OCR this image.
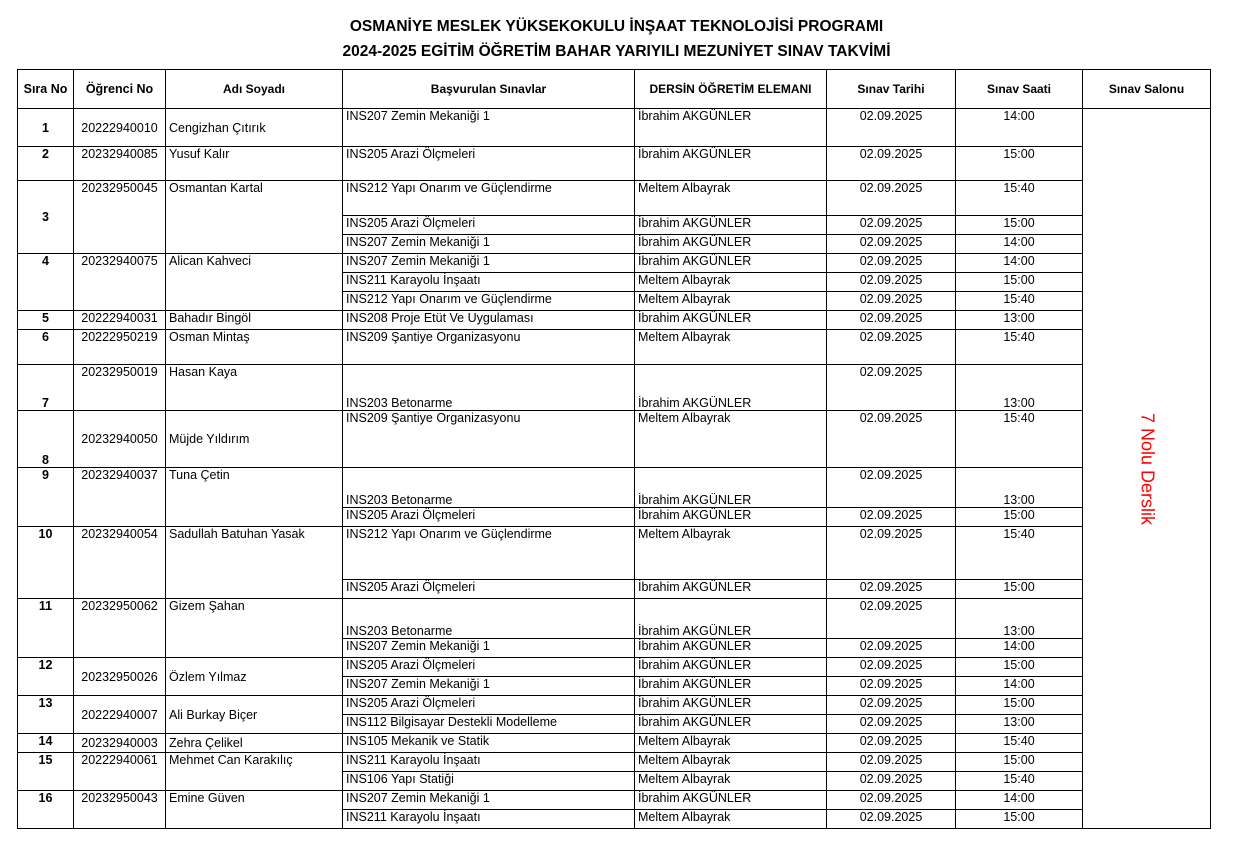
OSMANİYE MESLEK YÜKSEKOKULU İNŞAAT TEKNOLOJİSİ PROGRAMI
2024-2025 EGİTİM ÖĞRETİM BAHAR YARIYILI MEZUNİYET SINAV TAKVİMİ
Sıra No	Öğrenci No	Adı Soyadı	Başvurulan Sınavlar	DERSİN ÖĞRETİM ELEMANI	Sınav Tarihi	Sınav Saati	Sınav Salonu
1	20222940010	Cengizhan Çıtırık	INS207 Zemin Mekaniği 1	İbrahim AKGÜNLER	02.09.2025	14:00	7 Nolu Derslik

2	20232940085	Yusuf Kalır	INS205 Arazi Ölçmeleri	İbrahim AKGÜNLER	02.09.2025	15:00	
3	20232950045	Osmantan Kartal	INS212 Yapı Onarım ve Güçlendirme	Meltem Albayrak	02.09.2025	15:40	
			INS205 Arazi Ölçmeleri	İbrahim AKGÜNLER	02.09.2025	15:00	
			INS207 Zemin Mekaniği 1	İbrahim AKGÜNLER	02.09.2025	14:00	
4	20232940075	Alican Kahveci	INS207 Zemin Mekaniği 1	İbrahim AKGÜNLER	02.09.2025	14:00	
			INS211 Karayolu İnşaatı	Meltem Albayrak	02.09.2025	15:00	
			INS212 Yapı Onarım ve Güçlendirme	Meltem Albayrak	02.09.2025	15:40	
5	20222940031	Bahadır Bingöl	INS208 Proje Etüt Ve Uygulaması	İbrahim AKGÜNLER	02.09.2025	13:00	
6	20222950219	Osman Mintaş	INS209 Şantiye Organizasyonu	Meltem Albayrak	02.09.2025	15:40	
7	20232950019	Hasan Kaya	INS203 Betonarme	İbrahim AKGÜNLER	02.09.2025	13:00	
8	20232940050	Müjde Yıldırım	INS209 Şantiye Organizasyonu	Meltem Albayrak	02.09.2025	15:40	
9	20232940037	Tuna Çetin	INS203 Betonarme	İbrahim AKGÜNLER	02.09.2025	13:00	
			INS205 Arazi Ölçmeleri	İbrahim AKGÜNLER	02.09.2025	15:00	
10	20232940054	Sadullah Batuhan Yasak	INS212 Yapı Onarım ve Güçlendirme	Meltem Albayrak	02.09.2025	15:40	
			INS205 Arazi Ölçmeleri	İbrahim AKGÜNLER	02.09.2025	15:00	
11	20232950062	Gizem Şahan	INS203 Betonarme	İbrahim AKGÜNLER	02.09.2025	13:00	
			INS207 Zemin Mekaniği 1	İbrahim AKGÜNLER	02.09.2025	14:00	
12	20232950026	Özlem Yılmaz	INS205 Arazi Ölçmeleri	İbrahim AKGÜNLER	02.09.2025	15:00	
			INS207 Zemin Mekaniği 1	İbrahim AKGÜNLER	02.09.2025	14:00	
13	20222940007	Ali Burkay Biçer	INS205 Arazi Ölçmeleri	İbrahim AKGÜNLER	02.09.2025	15:00	
			INS112 Bilgisayar Destekli Modelleme	İbrahim AKGÜNLER	02.09.2025	13:00	
14	20232940003	Zehra Çelikel	INS105 Mekanik ve Statik	Meltem Albayrak	02.09.2025	15:40	
15	20222940061	Mehmet Can Karakılıç	INS211 Karayolu İnşaatı	Meltem Albayrak	02.09.2025	15:00	
			INS106 Yapı Statiği	Meltem Albayrak	02.09.2025	15:40	
16	20232950043	Emine Güven	INS207 Zemin Mekaniği 1	İbrahim AKGÜNLER	02.09.2025	14:00	
			INS211 Karayolu İnşaatı	Meltem Albayrak	02.09.2025	15:00	
